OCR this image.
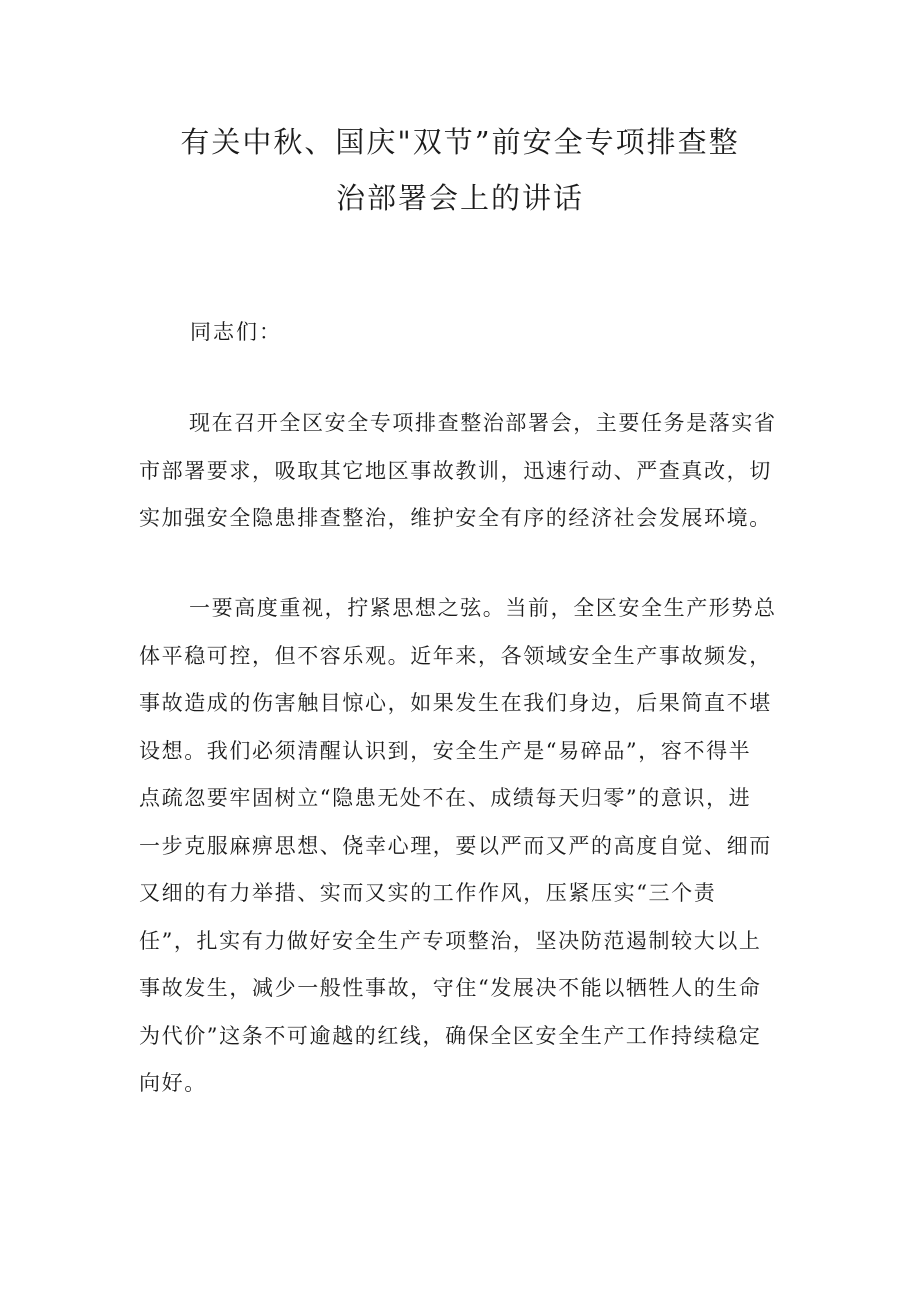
有关中秋、国庆"双节”前安全专项排查整
治部署会上的讲话

同志们：

现在召开全区安全专项排查整治部署会，主要任务是落实省
市部署要求，吸取其它地区事故教训，迅速行动、严查真改，切
实加强安全隐患排查整治，维护安全有序的经济社会发展环境。
一要高度重视，拧紧思想之弦。当前，全区安全生产形势总
体平稳可控，但不容乐观。近年来，各领域安全生产事故频发，
事故造成的伤害触目惊心，如果发生在我们身边，后果简直不堪
设想。我们必须清醒认识到，安全生产是“易碎品”，容不得半
点疏忽要牢固树立“隐患无处不在、成绩每天归零”的意识，进
一步克服麻痹思想、侥幸心理，要以严而又严的高度自觉、细而
又细的有力举措、实而又实的工作作风，压紧压实“三个责
任”，扎实有力做好安全生产专项整治，坚决防范遏制较大以上
事故发生，减少一般性事故，守住“发展决不能以牺牲人的生命
为代价”这条不可逾越的红线，确保全区安全生产工作持续稳定
向好。
